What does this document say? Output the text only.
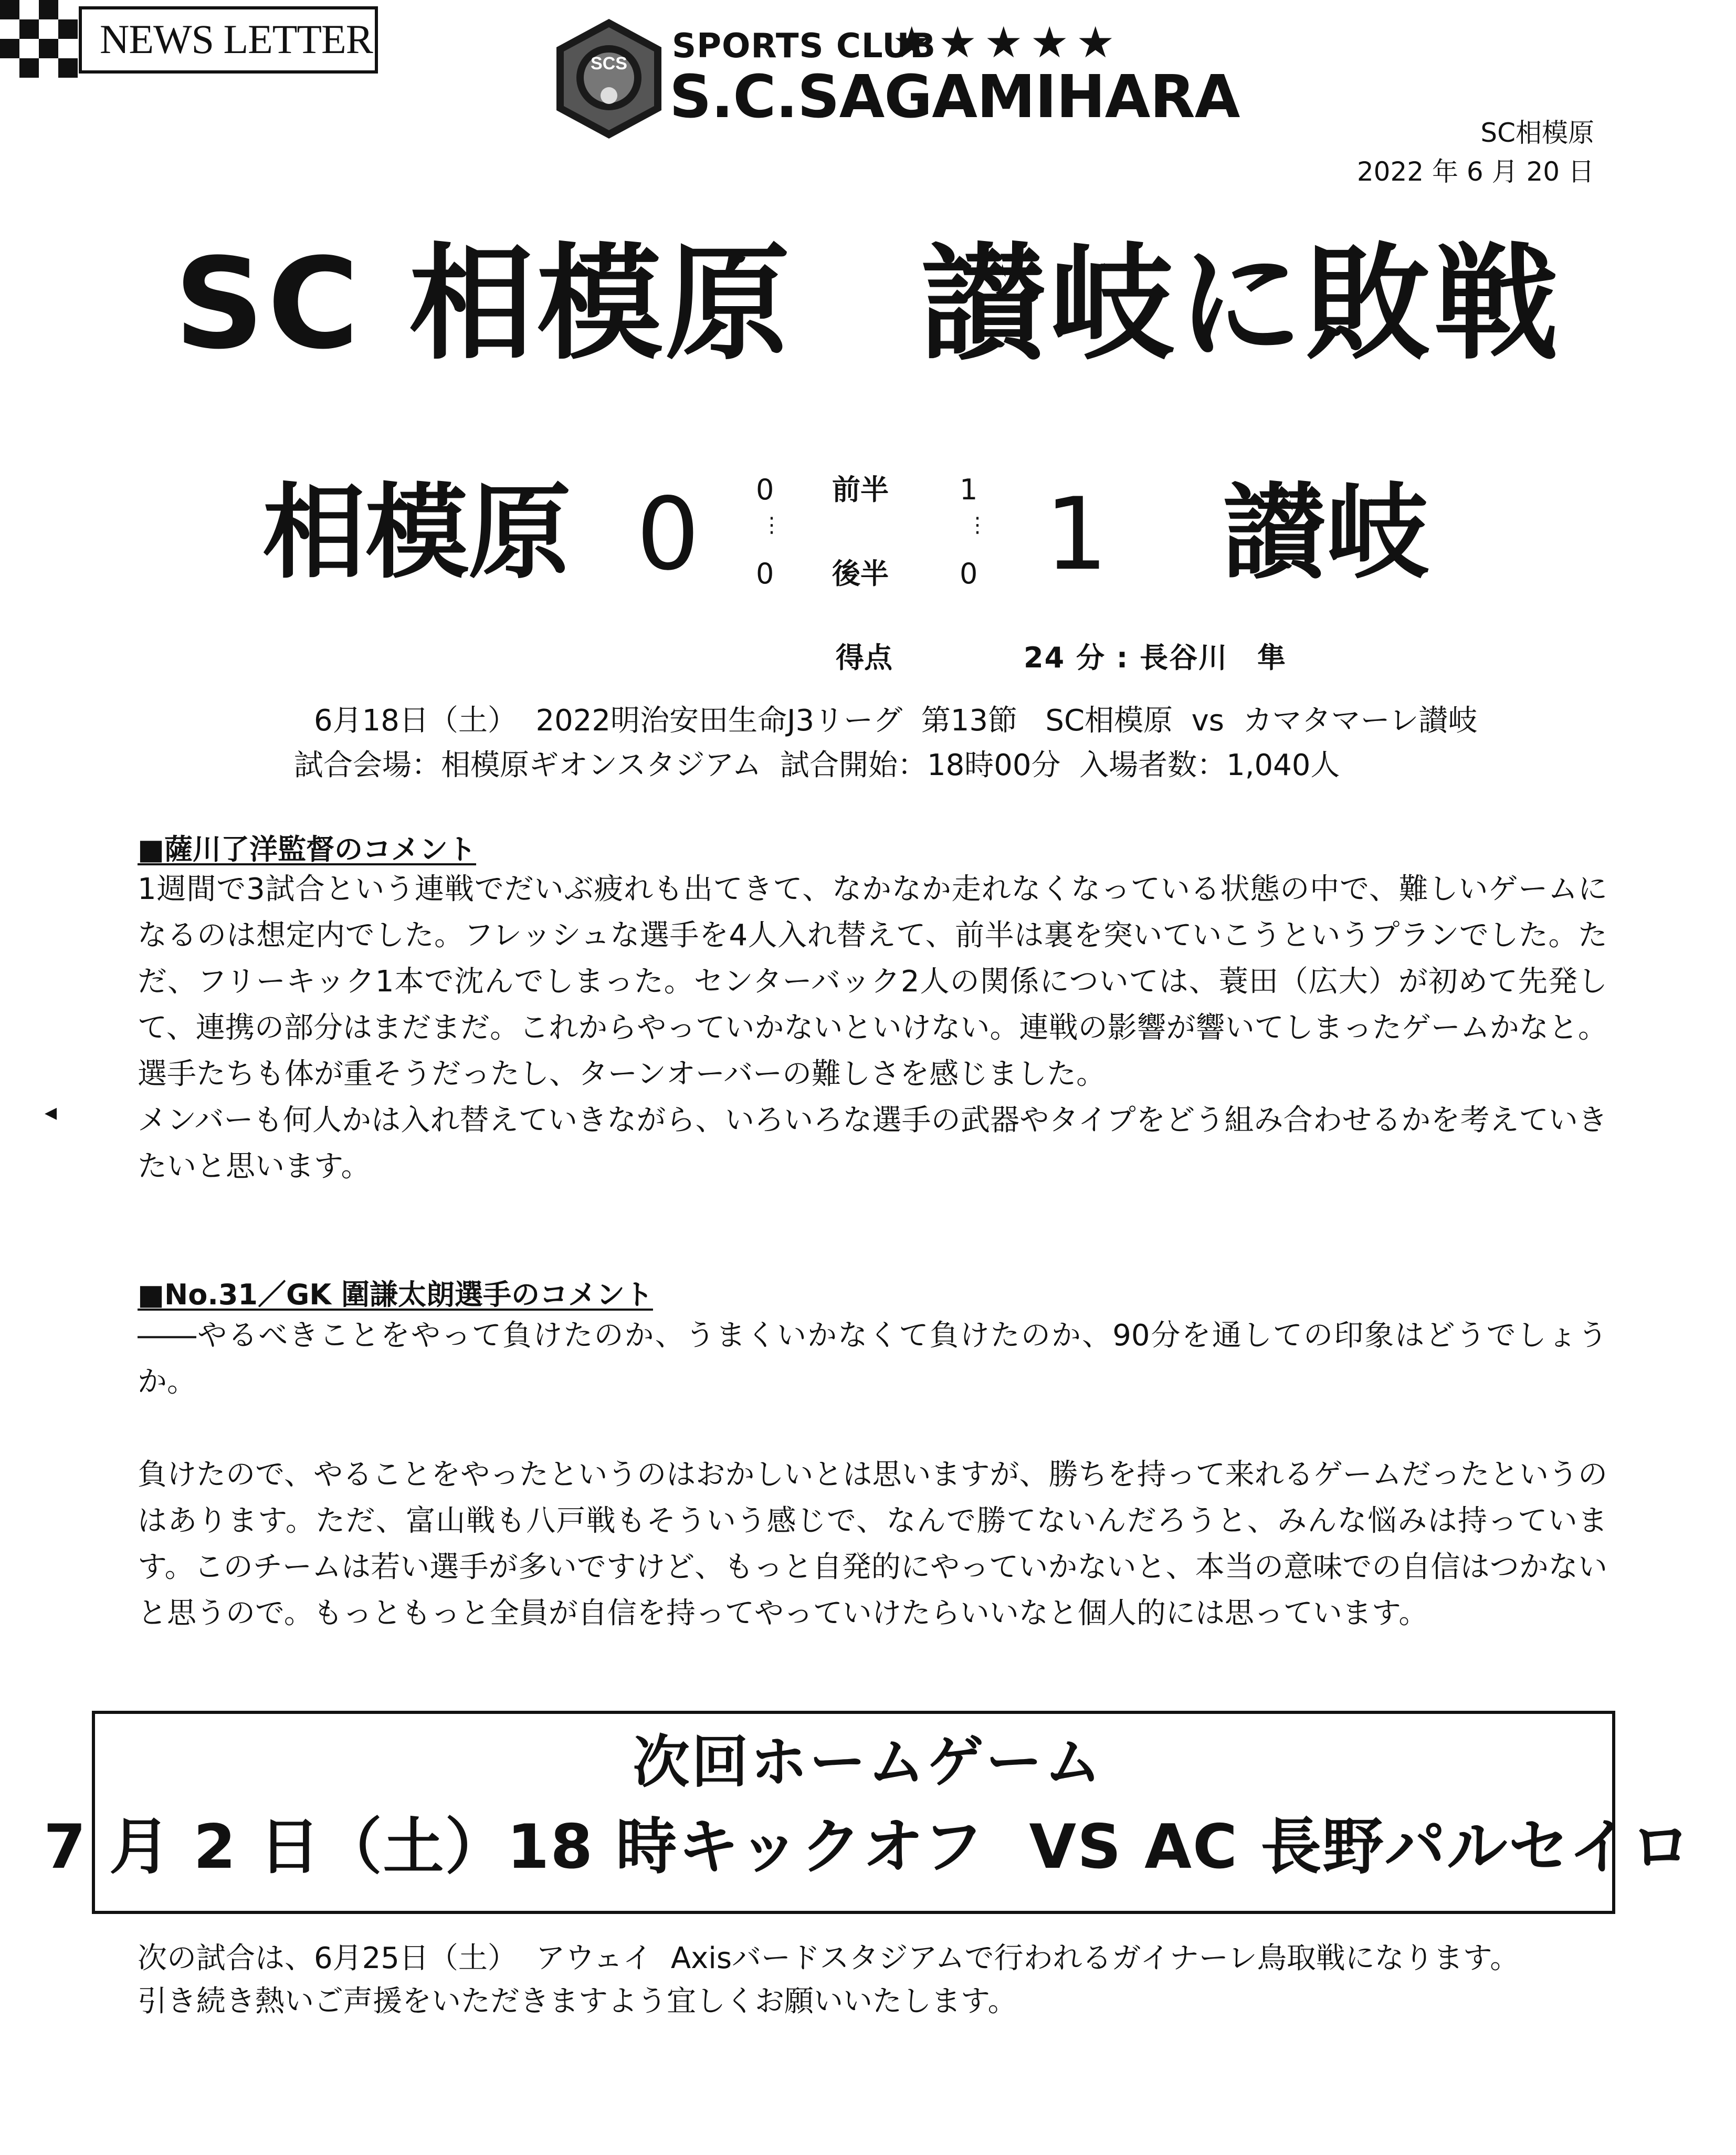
NEWS LETTER
SCS SPORTS CLUB
★★★★★
S.C.SAGAMIHARA
SC相模原
2022 年 6 月 20 日
SC 相模原　讃岐に敗戦
相模原 0 0
0
前半
後半
1
0
⋮	⋮ 1 讃岐
得点	24 分 : 長谷川　隼
6月18日（土）  2022明治安田生命J3リーグ  第13節   SC相模原  vs  カマタマーレ讃岐
試合会場：相模原ギオンスタジアム  試合開始：18時00分  入場者数：1,040人
■薩川了洋監督のコメント

1週間で3試合という連戦でだいぶ疲れも出てきて、なかなか走れなくなっている状態の中で、難しいゲームになるのは想定内でした。フレッシュな選手を4人入れ替えて、前半は裏を突いていこうというプランでした。ただ、フリーキック1本で沈んでしまった。センターバック2人の関係については、蓑田（広大）が初めて先発して、連携の部分はまだまだ。これからやっていかないといけない。連戦の影響が響いてしまったゲームかなと。選手たちも体が重そうだったし、ターンオーバーの難しさを感じました。

メンバーも何人かは入れ替えていきながら、いろいろな選手の武器やタイプをどう組み合わせるかを考えていきたいと思います。

◀
■No.31／GK 圍謙太朗選手のコメント
――やるべきことをやって負けたのか、うまくいかなくて負けたのか、90分を通しての印象はどうでしょうか。
負けたので、やることをやったというのはおかしいとは思いますが、勝ちを持って来れるゲームだったというのはあります。ただ、富山戦も八戸戦もそういう感じで、なんで勝てないんだろうと、みんな悩みは持っています。このチームは若い選手が多いですけど、もっと自発的にやっていかないと、本当の意味での自信はつかないと思うので。もっともっと全員が自信を持ってやっていけたらいいなと個人的には思っています。
次回ホームゲーム
7 月 2 日（土）18 時キックオフ  VS AC 長野パルセイロ
次の試合は、6月25日（土）  アウェイ  Axisバードスタジアムで行われるガイナーレ鳥取戦になります。
引き続き熱いご声援をいただきますよう宜しくお願いいたします。
